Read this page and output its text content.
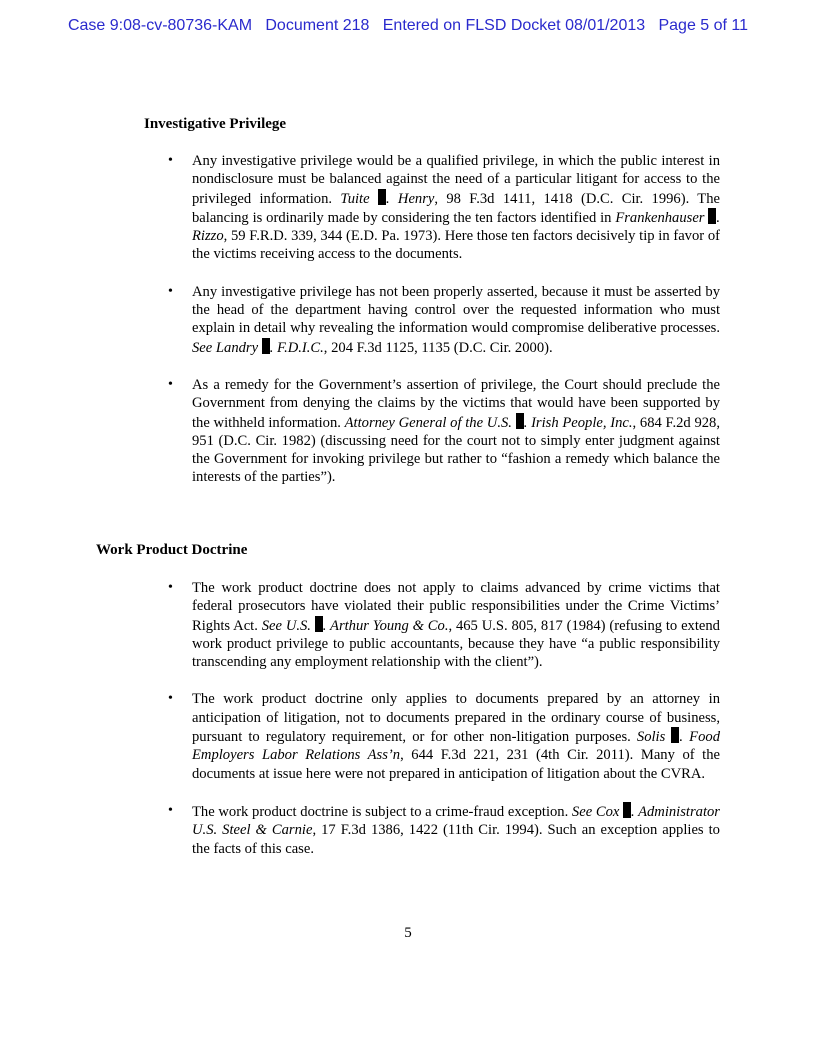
Case 9:08-cv-80736-KAM   Document 218   Entered on FLSD Docket 08/01/2013   Page 5 of 11
Investigative Privilege
• Any investigative privilege would be a qualified privilege, in which the public interest in nondisclosure must be balanced against the need of a particular litigant for access to the privileged information. Tuite . Henry, 98 F.3d 1411, 1418 (D.C. Cir. 1996). The balancing is ordinarily made by considering the ten factors identified in Frankenhauser . Rizzo, 59 F.R.D. 339, 344 (E.D. Pa. 1973). Here those ten factors decisively tip in favor of the victims receiving access to the documents.
• Any investigative privilege has not been properly asserted, because it must be asserted by the head of the department having control over the requested information who must explain in detail why revealing the information would compromise deliberative processes. See Landry . F.D.I.C., 204 F.3d 1125, 1135 (D.C. Cir. 2000).
• As a remedy for the Government’s assertion of privilege, the Court should preclude the Government from denying the claims by the victims that would have been supported by the withheld information. Attorney General of the U.S. . Irish People, Inc., 684 F.2d 928, 951 (D.C. Cir. 1982) (discussing need for the court not to simply enter judgment against the Government for invoking privilege but rather to “fashion a remedy which balance the interests of the parties”).
Work Product Doctrine
• The work product doctrine does not apply to claims advanced by crime victims that federal prosecutors have violated their public responsibilities under the Crime Victims’ Rights Act. See U.S. . Arthur Young & Co., 465 U.S. 805, 817 (1984) (refusing to extend work product privilege to public accountants, because they have “a public responsibility transcending any employment relationship with the client”).
• The work product doctrine only applies to documents prepared by an attorney in anticipation of litigation, not to documents prepared in the ordinary course of business, pursuant to regulatory requirement, or for other non-litigation purposes. Solis . Food Employers Labor Relations Ass’n, 644 F.3d 221, 231 (4th Cir. 2011). Many of the documents at issue here were not prepared in anticipation of litigation about the CVRA.
• The work product doctrine is subject to a crime-fraud exception. See Cox . Administrator U.S. Steel & Carnie, 17 F.3d 1386, 1422 (11th Cir. 1994). Such an exception applies to the facts of this case.
5
